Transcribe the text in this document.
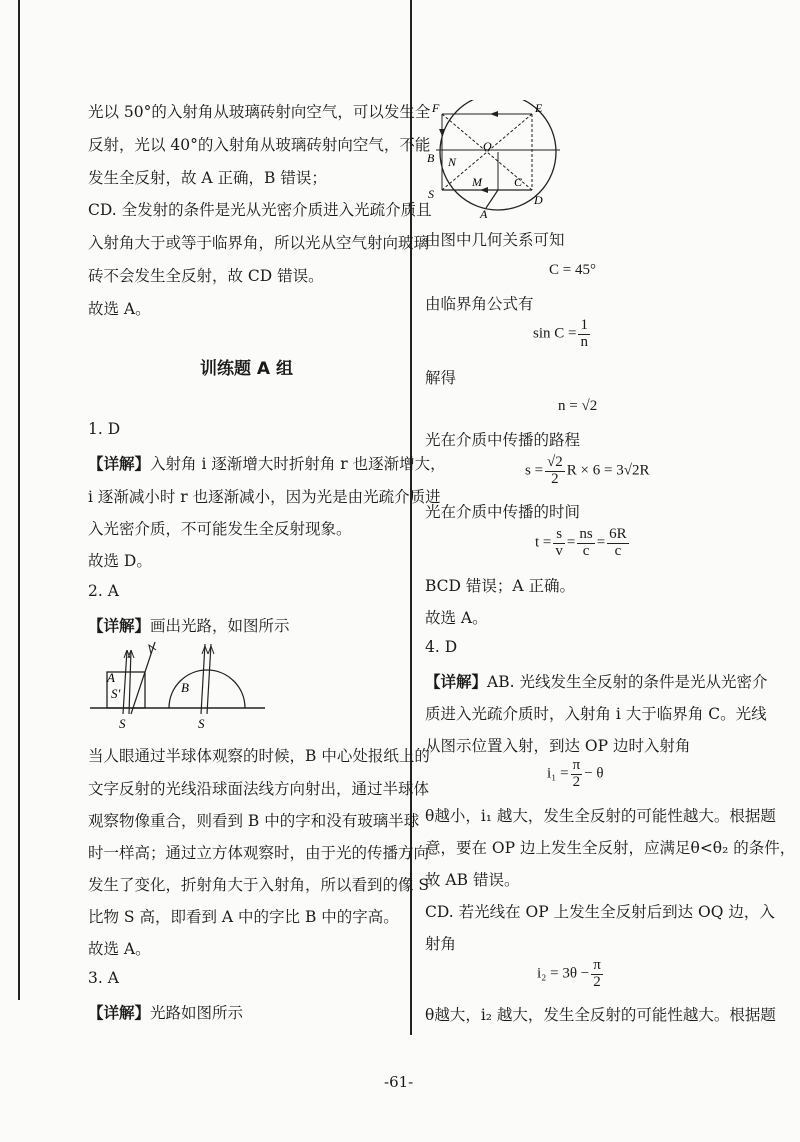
光以 50°的入射角从玻璃砖射向空气，可以发生全

反射，光以 40°的入射角从玻璃砖射向空气，不能

发生全反射，故 A 正确，B 错误；

CD. 全发射的条件是光从光密介质进入光疏介质且

入射角大于或等于临界角，所以光从空气射向玻璃

砖不会发生全反射，故 CD 错误。

故选 A。

训练题 A 组

1. D

【详解】入射角 i 逐渐增大时折射角 r 也逐渐增大，

i 逐渐减小时 r 也逐渐减小，因为光是由光疏介质进

入光密介质，不可能发生全反射现象。

故选 D。

2. A

【详解】画出光路，如图所示

A
S′
S
B
S

当人眼通过半球体观察的时候，B 中心处报纸上的

文字反射的光线沿球面法线方向射出，通过半球体

观察物像重合，则看到 B 中的字和没有玻璃半球

时一样高；通过立方体观察时，由于光的传播方向

发生了变化，折射角大于入射角，所以看到的像 S′

比物 S 高，即看到 A 中的字比 B 中的字高。

故选 A。

3. A

【详解】光路如图所示

F	E
O
B N
S
M	C
D
A

由图中几何关系可知

C = 45°

由临界角公式有

$\sin C = \frac{1}{n}$

解得

n = √2

光在介质中传播的路程

$s = \frac{√2}{2}$ R × 6 = 3√2R

光在介质中传播的时间

$t = \frac{s}{v} = \frac{ns}{c} = \frac{6R}{c}$

BCD 错误；A 正确。

故选 A。

4. D

【详解】AB. 光线发生全反射的条件是光从光密介

质进入光疏介质时，入射角 i 大于临界角 C。光线

从图示位置入射，到达 OP 边时入射角

$i_1 = \frac{\pi}{2} - \theta$

θ越小，i₁ 越大，发生全反射的可能性越大。根据题

意，要在 OP 边上发生全反射，应满足θ<θ₂ 的条件，

故 AB 错误。

CD. 若光线在 OP 上发生全反射后到达 OQ 边，入

射角

$i_2 = 3\theta - \frac{\pi}{2}$

θ越大，i₂ 越大，发生全反射的可能性越大。根据题

-61-
